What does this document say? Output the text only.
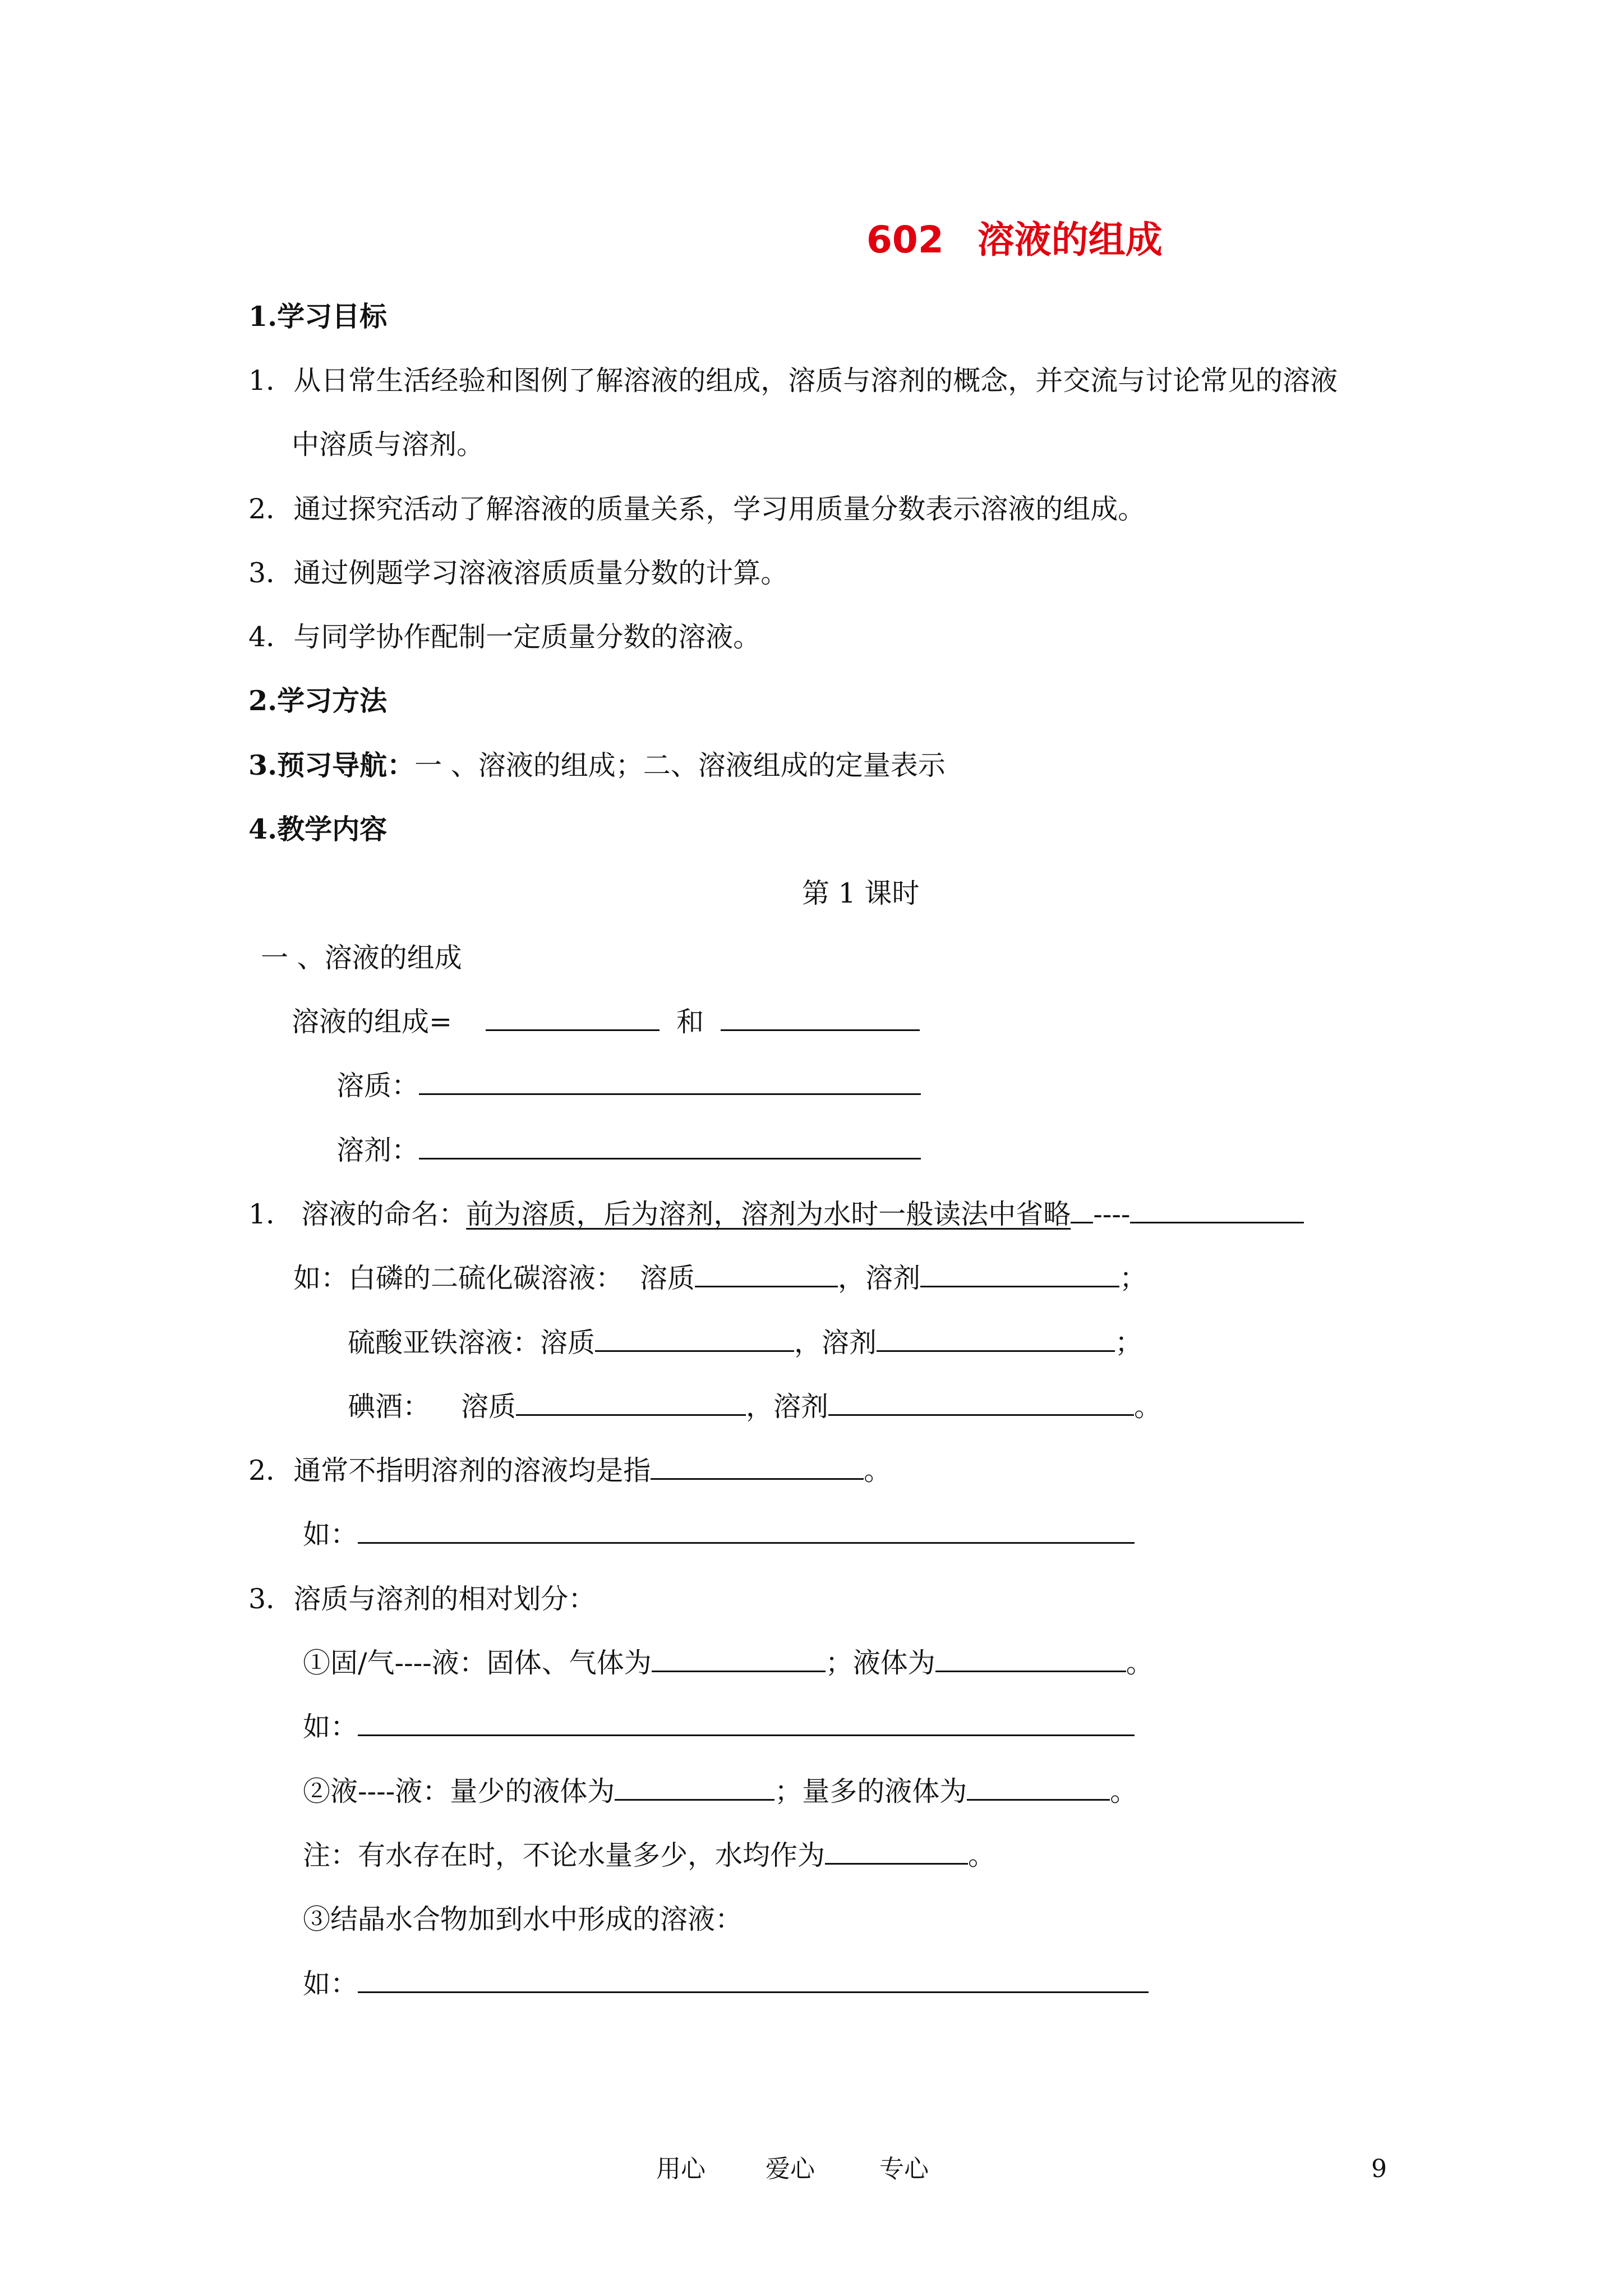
602 溶液的组成
1.学习目标
1．从日常生活经验和图例了解溶液的组成，溶质与溶剂的概念，并交流与讨论常见的溶液
中溶质与溶剂。
2．通过探究活动了解溶液的质量关系，学习用质量分数表示溶液的组成。
3．通过例题学习溶液溶质质量分数的计算。
4．与同学协作配制一定质量分数的溶液。
2.学习方法
3.预习导航：一 、溶液的组成；二、溶液组成的定量表示
4.教学内容
第 1 课时
一 、溶液的组成
溶液的组成=	和
溶质：
溶剂：
1． 溶液的命名：前为溶质，后为溶剂，溶剂为水时一般读法中省略 ----
如：白磷的二硫化碳溶液： 溶质	，溶剂	；
硫酸亚铁溶液：溶质	，溶剂	；
碘酒： 溶质	，溶剂	。
2．通常不指明溶剂的溶液均是指	。
如：
3．溶质与溶剂的相对划分：
①固/气----液：固体、气体为	；液体为	。
如：
②液----液：量少的液体为	；量多的液体为	。
注：有水存在时，不论水量多少，水均作为	。
③结晶水合物加到水中形成的溶液：
如：
用心 爱心	专心	9
